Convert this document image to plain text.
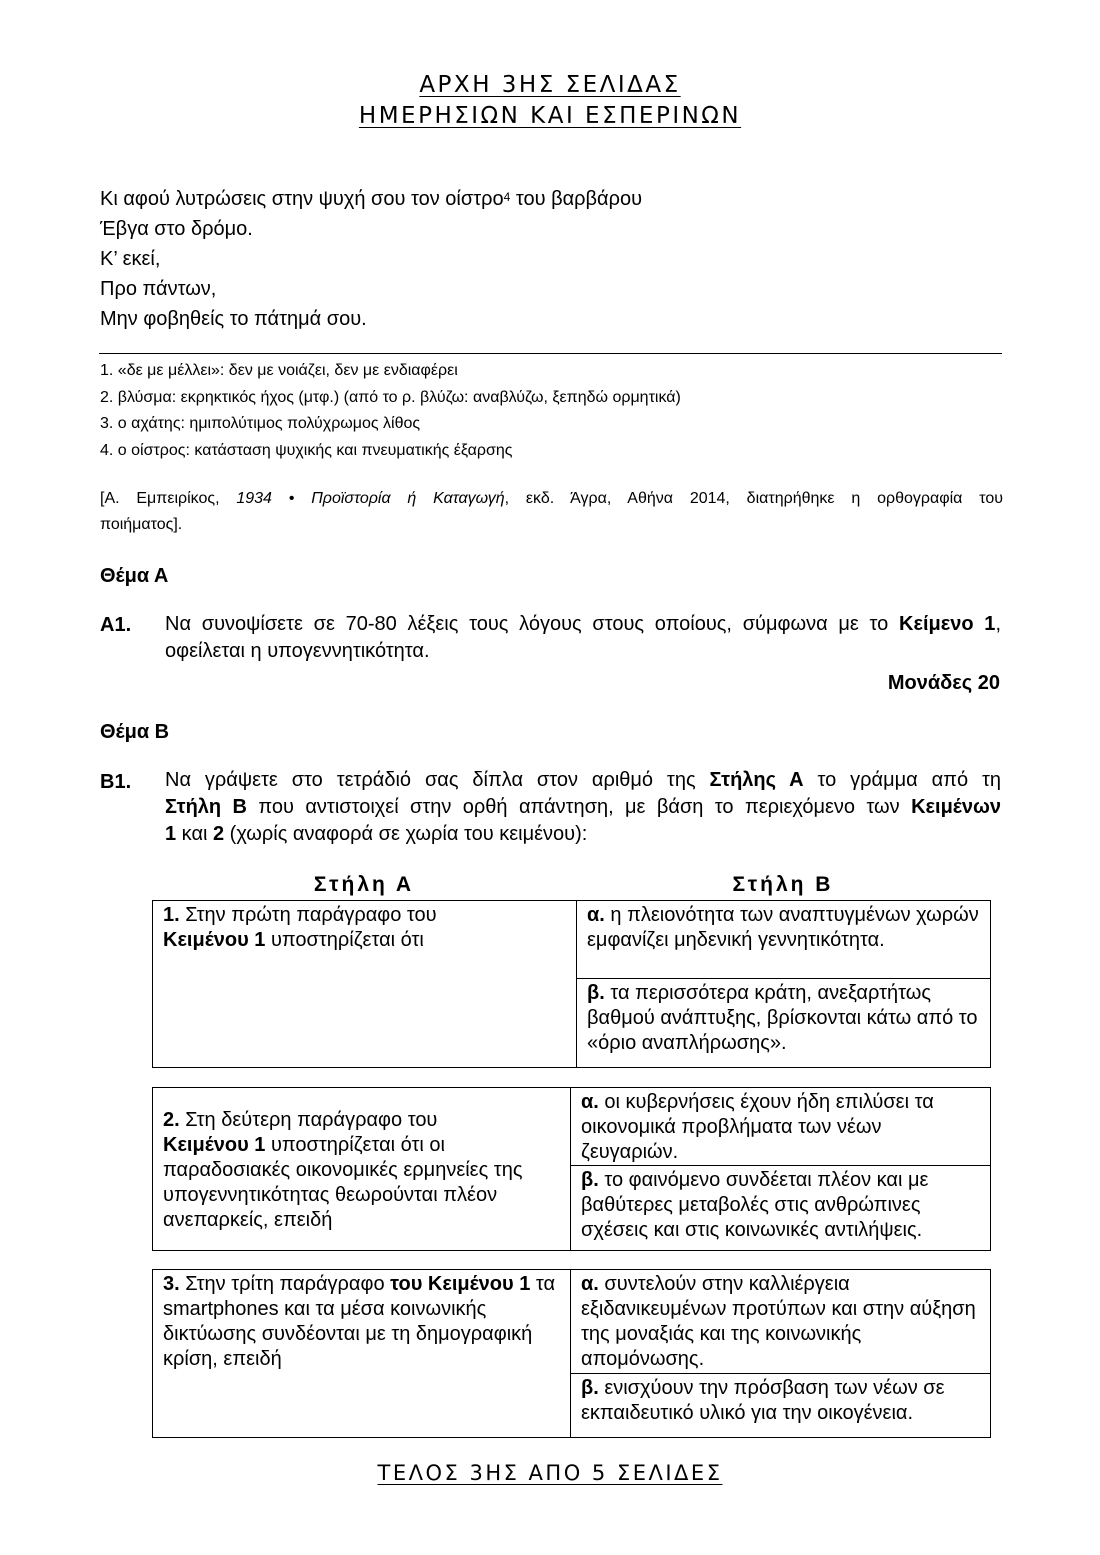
ΑΡΧΗ 3ΗΣ ΣΕΛΙΔΑΣ
ΗΜΕΡΗΣΙΩΝ ΚΑΙ ΕΣΠΕΡΙΝΩΝ
Κι αφού λυτρώσεις στην ψυχή σου τον οίστρο$^4$ του βαρβάρου
Έβγα στο δρόμο.
Κ’ εκεί,
Προ πάντων,
Μην φοβηθείς το πάτημά σου.
1. «δε με μέλλει»: δεν με νοιάζει, δεν με ενδιαφέρει
2. βλύσμα: εκρηκτικός ήχος (μτφ.) (από το ρ. βλύζω: αναβλύζω, ξεπηδώ ορμητικά)
3. ο αχάτης: ημιπολύτιμος πολύχρωμος λίθος
4. ο οίστρος: κατάσταση ψυχικής και πνευματικής έξαρσης
[Α. Εμπειρίκος, 1934 • Προϊστορία ή Καταγωγή, εκδ. Άγρα, Αθήνα 2014, διατηρήθηκε η ορθογραφία του
ποιήματος].
Θέμα Α
Α1. Να συνοψίσετε σε 70-80 λέξεις τους λόγους στους οποίους, σύμφωνα με το Κείμενο 1,
οφείλεται η υπογεννητικότητα.
Μονάδες 20
Θέμα Β
Β1. Να γράψετε στο τετράδιό σας δίπλα στον αριθμό της Στήλης Α το γράμμα από τη
Στήλη Β που αντιστοιχεί στην ορθή απάντηση, με βάση το περιεχόμενο των Κειμένων
1 και 2 (χωρίς αναφορά σε χωρία του κειμένου):
Στήλη Α	Στήλη Β
1. Στην πρώτη παράγραφο του
Κειμένου 1 υποστηρίζεται ότι	α. η πλειονότητα των αναπτυγμένων χωρών εμφανίζει μηδενική γεννητικότητα.
β. τα περισσότερα κράτη, ανεξαρτήτως βαθμού ανάπτυξης, βρίσκονται κάτω από το «όριο αναπλήρωσης».
2. Στη δεύτερη παράγραφο του
Κειμένου 1 υποστηρίζεται ότι οι παραδοσιακές οικονομικές ερμηνείες της υπογεννητικότητας θεωρούνται πλέον ανεπαρκείς, επειδή	α. οι κυβερνήσεις έχουν ήδη επιλύσει τα οικονομικά προβλήματα των νέων ζευγαριών.
β. το φαινόμενο συνδέεται πλέον και με βαθύτερες μεταβολές στις ανθρώπινες σχέσεις και στις κοινωνικές αντιλήψεις.
3. Στην τρίτη παράγραφο του Κειμένου 1 τα smartphones και τα μέσα κοινωνικής δικτύωσης συνδέονται με τη δημογραφική κρίση, επειδή	α. συντελούν στην καλλιέργεια εξιδανικευμένων προτύπων και στην αύξηση της μοναξιάς και της κοινωνικής απομόνωσης.
β. ενισχύουν την πρόσβαση των νέων σε εκπαιδευτικό υλικό για την οικογένεια.
ΤΕΛΟΣ 3ΗΣ ΑΠΟ 5 ΣΕΛΙΔΕΣ
